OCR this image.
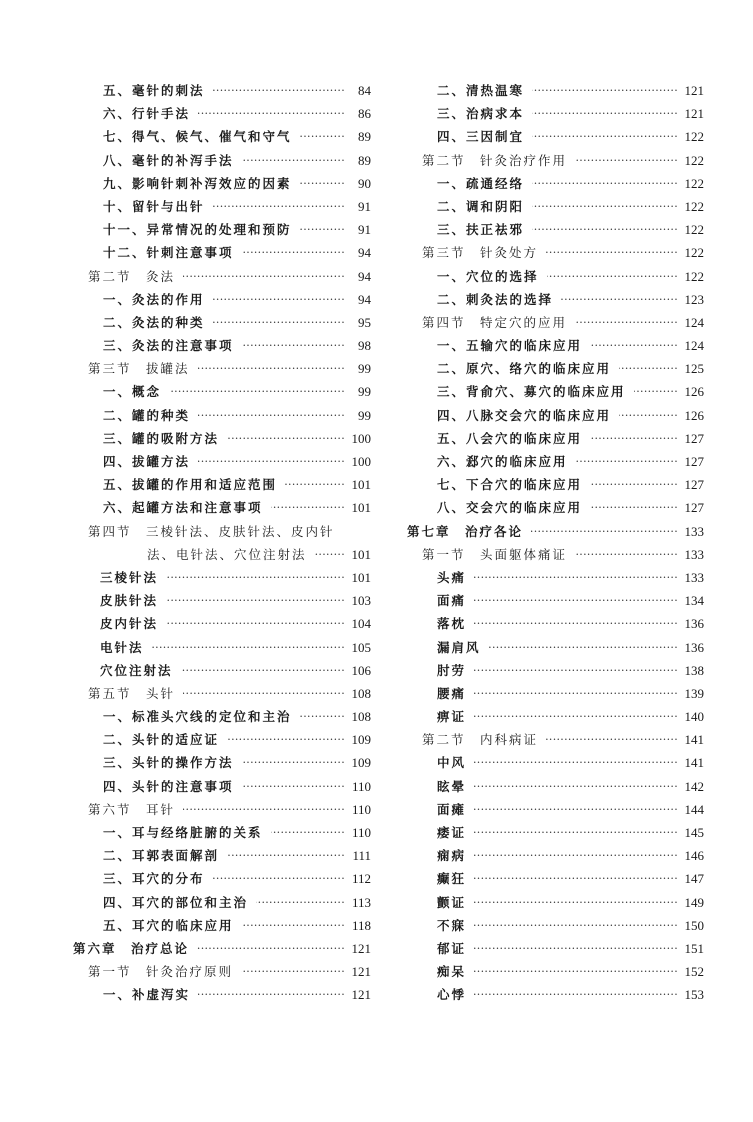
五、毫针的刺法 ·····	84
六、行针手法 ·····	86
七、得气、候气、催气和守气 ·····	89
八、毫针的补泻手法 ·····	89
九、影响针刺补泻效应的因素 ·····	90
十、留针与出针 ·····	91
十一、异常情况的处理和预防 ·····	91
十二、针刺注意事项 ·····	94
第二节　灸法 ·····	94
一、灸法的作用 ·····	94
二、灸法的种类 ·····	95
三、灸法的注意事项 ·····	98
第三节　拔罐法 ·····	99
一、概念 ·····	99
二、罐的种类 ·····	99
三、罐的吸附方法 ·····	100
四、拔罐方法 ·····	100
五、拔罐的作用和适应范围 ·····	101
六、起罐方法和注意事项 ·····	101
第四节　三棱针法、皮肤针法、皮内针
法、电针法、穴位注射法 ·····	101
三棱针法 ·····	101
皮肤针法 ·····	103
皮内针法 ·····	104
电针法 ·····	105
穴位注射法 ·····	106
第五节　头针 ·····	108
一、标准头穴线的定位和主治 ·····	108
二、头针的适应证 ·····	109
三、头针的操作方法 ·····	109
四、头针的注意事项 ·····	110
第六节　耳针 ·····	110
一、耳与经络脏腑的关系 ·····	110
二、耳郭表面解剖 ·····	111
三、耳穴的分布 ·····	112
四、耳穴的部位和主治 ·····	113
五、耳穴的临床应用 ·····	118
第六章　治疗总论 ·····	121
第一节　针灸治疗原则 ·····	121
一、补虚泻实 ·····	121
二、清热温寒 ·····	121
三、治病求本 ·····	121
四、三因制宜 ·····	122
第二节　针灸治疗作用 ·····	122
一、疏通经络 ·····	122
二、调和阴阳 ·····	122
三、扶正祛邪 ·····	122
第三节　针灸处方 ·····	122
一、穴位的选择 ·····	122
二、刺灸法的选择 ·····	123
第四节　特定穴的应用 ·····	124
一、五输穴的临床应用 ·····	124
二、原穴、络穴的临床应用 ·····	125
三、背俞穴、募穴的临床应用 ·····	126
四、八脉交会穴的临床应用 ·····	126
五、八会穴的临床应用 ·····	127
六、郄穴的临床应用 ·····	127
七、下合穴的临床应用 ·····	127
八、交会穴的临床应用 ·····	127
第七章　治疗各论 ·····	133
第一节　头面躯体痛证 ·····	133
头痛 ·····	133
面痛 ·····	134
落枕 ·····	136
漏肩风 ·····	136
肘劳 ·····	138
腰痛 ·····	139
痹证 ·····	140
第二节　内科病证 ·····	141
中风 ·····	141
眩晕 ·····	142
面瘫 ·····	144
痿证 ·····	145
痫病 ·····	146
癫狂 ·····	147
颤证 ·····	149
不寐 ·····	150
郁证 ·····	151
痴呆 ·····	152
心悸 ·····	153
